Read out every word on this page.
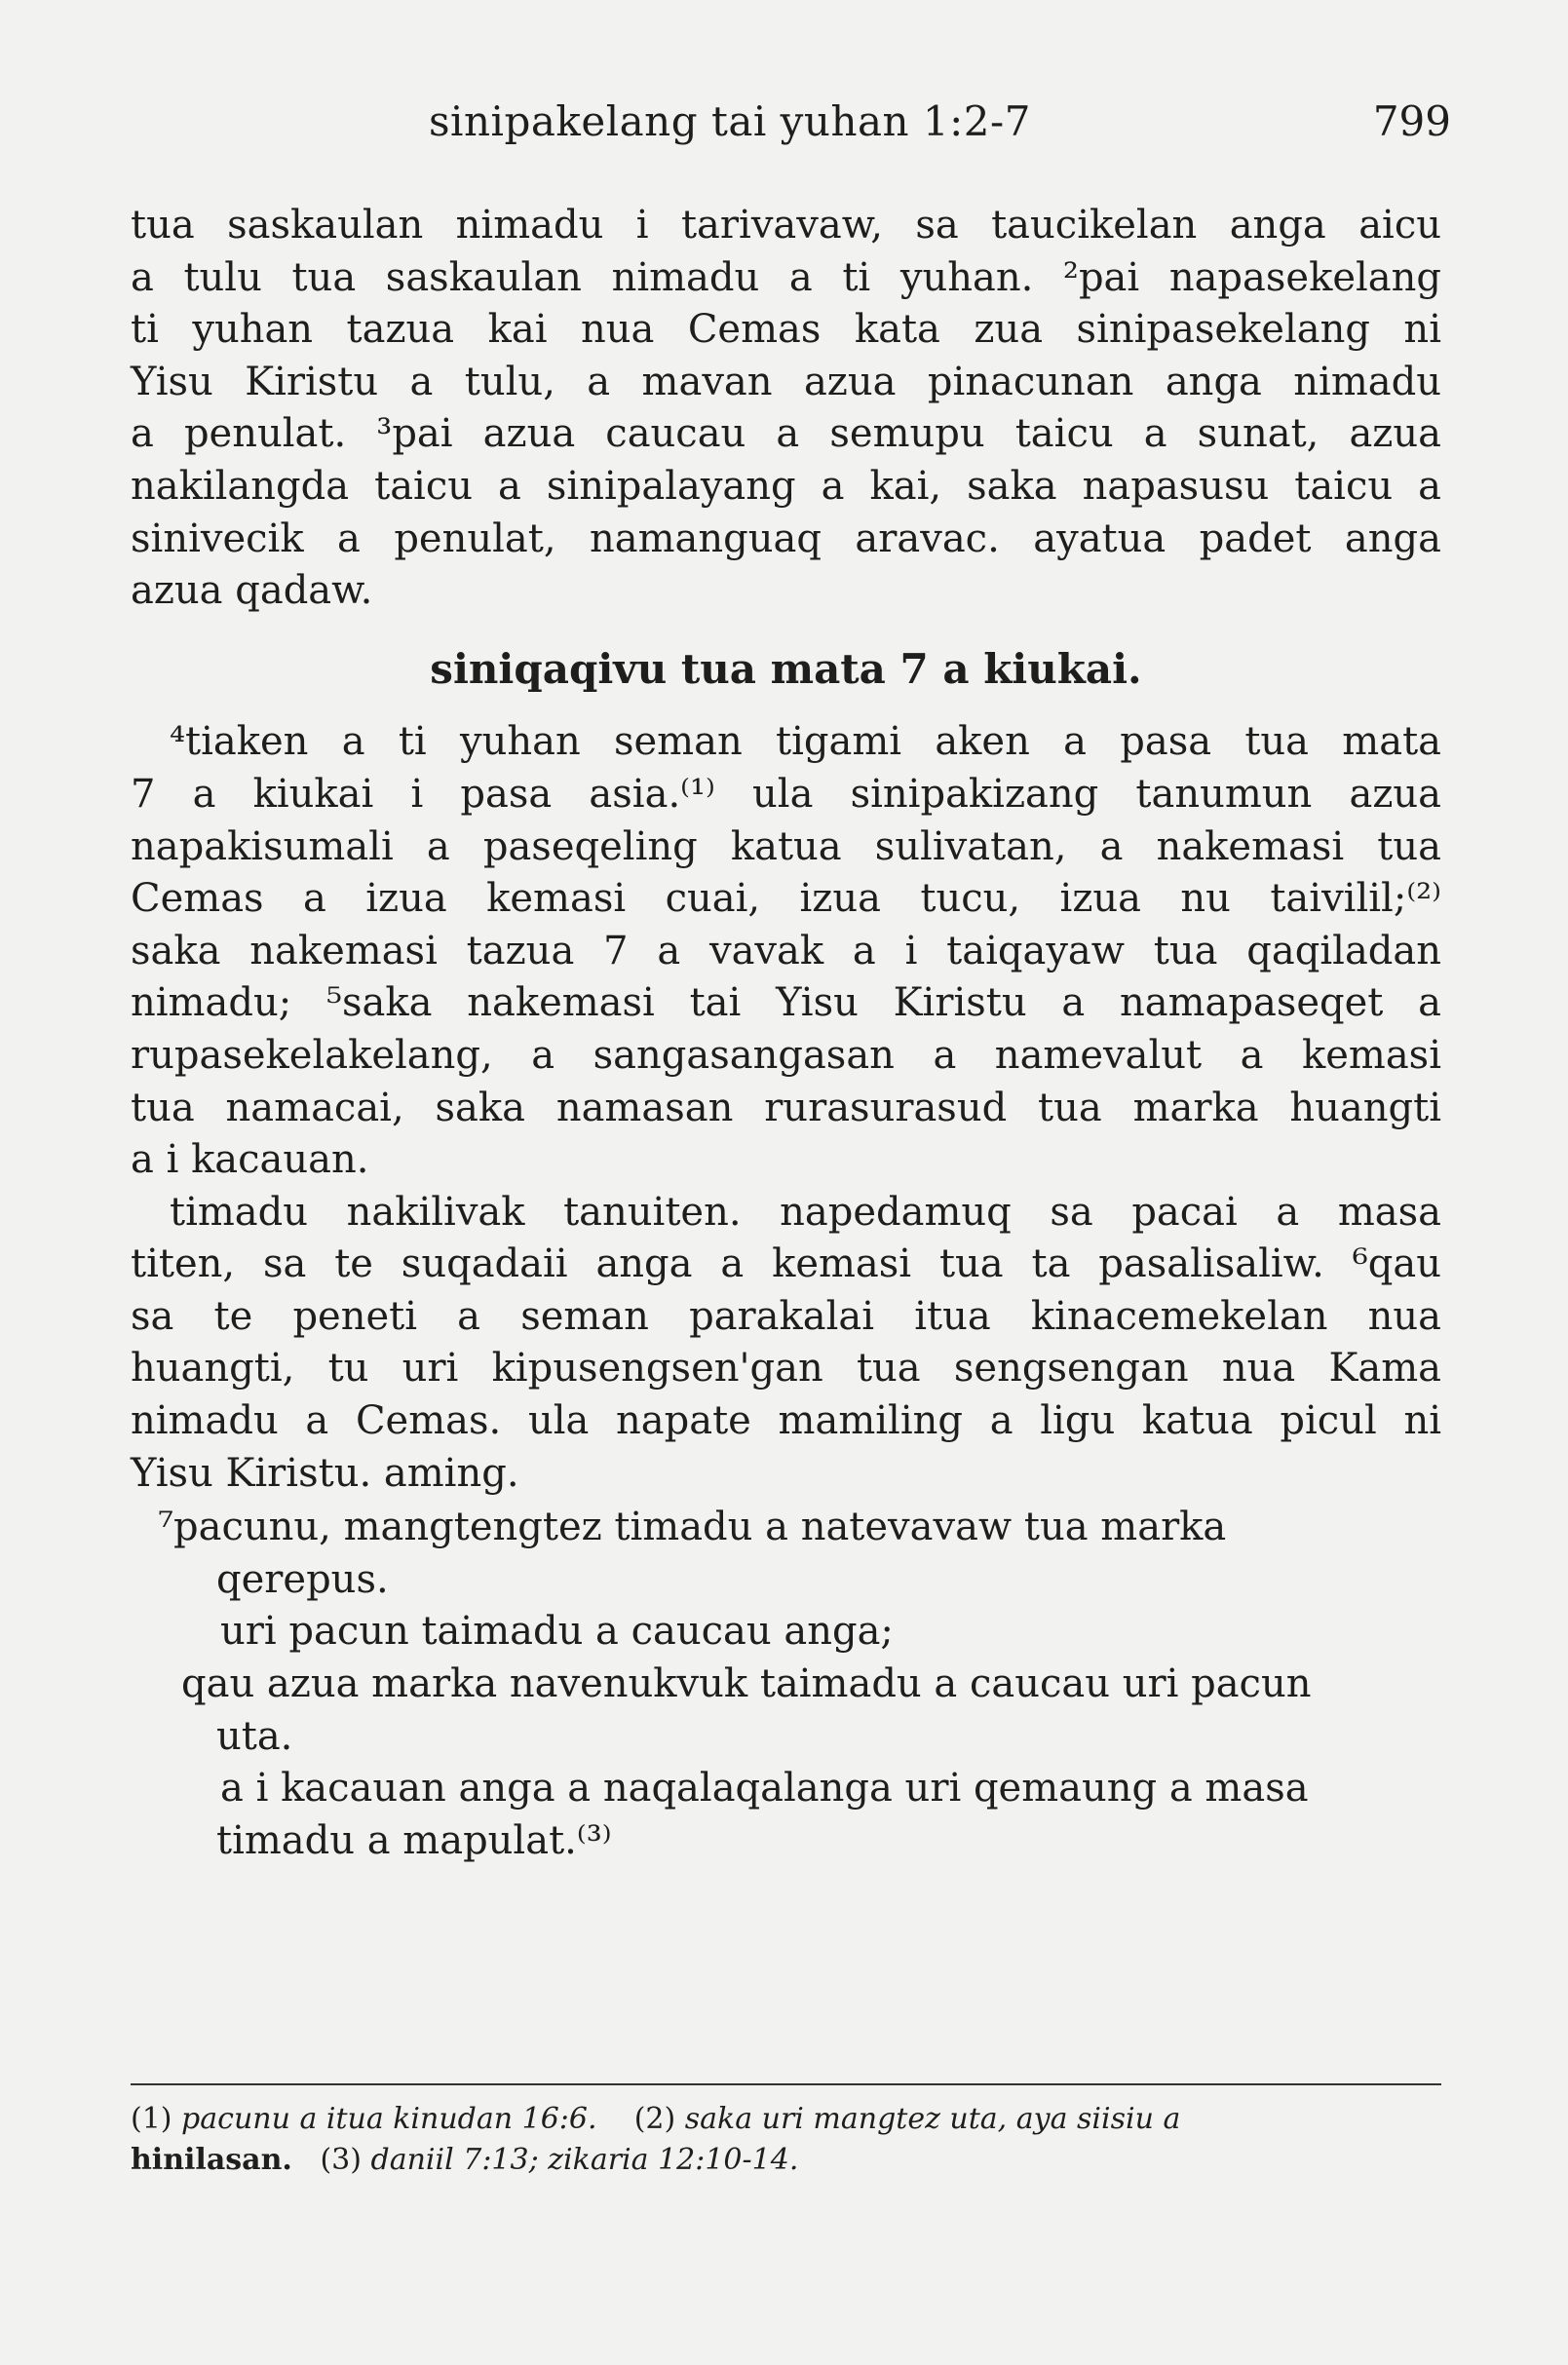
sinipakelang tai yuhan 1:2-7	799

tua saskaulan nimadu i tarivavaw, sa taucikelan anga aicu
a tulu tua saskaulan nimadu a ti yuhan. ²pai napasekelang
ti yuhan tazua kai nua Cemas kata zua sinipasekelang ni
Yisu Kiristu a tulu, a mavan azua pinacunan anga nimadu
a penulat. ³pai azua caucau a semupu taicu a sunat, azua
nakilangda taicu a sinipalayang a kai, saka napasusu taicu a
sinivecik a penulat, namanguaq aravac. ayatua padet anga
azua qadaw.

siniqaqivu tua mata 7 a kiukai.

⁴tiaken a ti yuhan seman tigami aken a pasa tua mata
7 a kiukai i pasa asia.⁽¹⁾ ula sinipakizang tanumun azua
napakisumali a paseqeling katua sulivatan, a nakemasi tua
Cemas a izua kemasi cuai, izua tucu, izua nu taivilil;⁽²⁾
saka nakemasi tazua 7 a vavak a i taiqayaw tua qaqiladan
nimadu; ⁵saka nakemasi tai Yisu Kiristu a namapaseqet a
rupasekelakelang, a sangasangasan a namevalut a kemasi
tua namacai, saka namasan rurasurasud tua marka huangti
a i kacauan.

timadu nakilivak tanuiten. napedamuq sa pacai a masa
titen, sa te suqadaii anga a kemasi tua ta pasalisaliw. ⁶qau
sa te peneti a seman parakalai itua kinacemekelan nua
huangti, tu uri kipusengsen'gan tua sengsengan nua Kama
nimadu a Cemas. ula napate mamiling a ligu katua picul ni
Yisu Kiristu. aming.

⁷pacunu, mangtengtez timadu a natevavaw tua marka
qerepus.
uri pacun taimadu a caucau anga;
qau azua marka navenukvuk taimadu a caucau uri pacun
uta.
a i kacauan anga a naqalaqalanga uri qemaung a masa
timadu a mapulat.⁽³⁾
(1) pacunu a itua kinudan 16:6. (2) saka uri mangtez uta, aya siisiu a
hinilasan. (3) daniil 7:13; zikaria 12:10-14.
